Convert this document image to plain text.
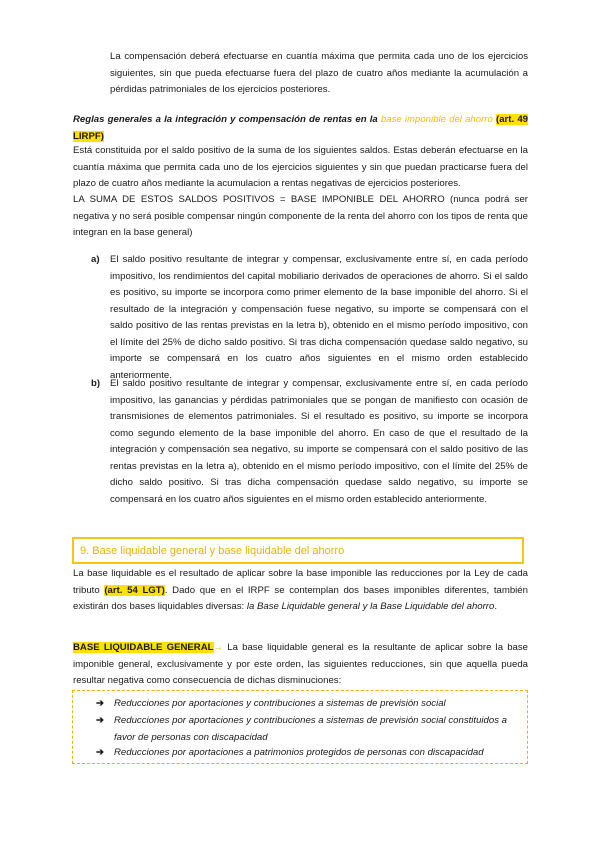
La compensación deberá efectuarse en cuantía máxima que permita cada uno de los ejercicios siguientes, sin que pueda efectuarse fuera del plazo de cuatro años mediante la acumulación a pérdidas patrimoniales de los ejercicios posteriores.
Reglas generales a la integración y compensación de rentas en la base imponible del ahorro (art. 49 LIRPF)
Está constituida por el saldo positivo de la suma de los siguientes saldos. Estas deberán efectuarse en la cuantía máxima que permita cada uno de los ejercicios siguientes y sin que puedan practicarse fuera del plazo de cuatro años mediante la acumulacion a rentas negativas de ejercicios posteriores.
LA SUMA DE ESTOS SALDOS POSITIVOS = BASE IMPONIBLE DEL AHORRO (nunca podrá ser negativa y no será posible compensar ningún componente de la renta del ahorro con los tipos de renta que integran en la base general)
a) El saldo positivo resultante de integrar y compensar, exclusivamente entre sí, en cada período impositivo, los rendimientos del capital mobiliario derivados de operaciones de ahorro. Si el saldo es positivo, su importe se incorpora como primer elemento de la base imponible del ahorro. Si el resultado de la integración y compensación fuese negativo, su importe se compensará con el saldo positivo de las rentas previstas en la letra b), obtenido en el mismo período impositivo, con el límite del 25% de dicho saldo positivo. Si tras dicha compensación quedase saldo negativo, su importe se compensará en los cuatro años siguientes en el mismo orden establecido anteriormente.
b) El saldo positivo resultante de integrar y compensar, exclusivamente entre sí, en cada período impositivo, las ganancias y pérdidas patrimoniales que se pongan de manifiesto con ocasión de transmisiones de elementos patrimoniales. Si el resultado es positivo, su importe se incorpora como segundo elemento de la base imponible del ahorro. En caso de que el resultado de la integración y compensación sea negativo, su importe se compensará con el saldo positivo de las rentas previstas en la letra a), obtenido en el mismo período impositivo, con el límite del 25% de dicho saldo positivo. Si tras dicha compensación quedase saldo negativo, su importe se compensará en los cuatro años siguientes en el mismo orden establecido anteriormente.
9. Base liquidable general y base liquidable del ahorro
La base liquidable es el resultado de aplicar sobre la base imponible las reducciones por la Ley de cada tributo (art. 54 LGT). Dado que en el IRPF se contemplan dos bases imponibles diferentes, también existirán dos bases liquidables diversas: la Base Liquidable general y la Base Liquidable del ahorro.
BASE LIQUIDABLE GENERAL→ La base liquidable general es la resultante de aplicar sobre la base imponible general, exclusivamente y por este orden, las siguientes reducciones, sin que aquella pueda resultar negativa como consecuencia de dichas disminuciones:
➔ Reducciones por aportaciones y contribuciones a sistemas de previsión social
➔ Reducciones por aportaciones y contribuciones a sistemas de previsión social constituidos a favor de personas con discapacidad
➔ Reducciones por aportaciones a patrimonios protegidos de personas con discapacidad
